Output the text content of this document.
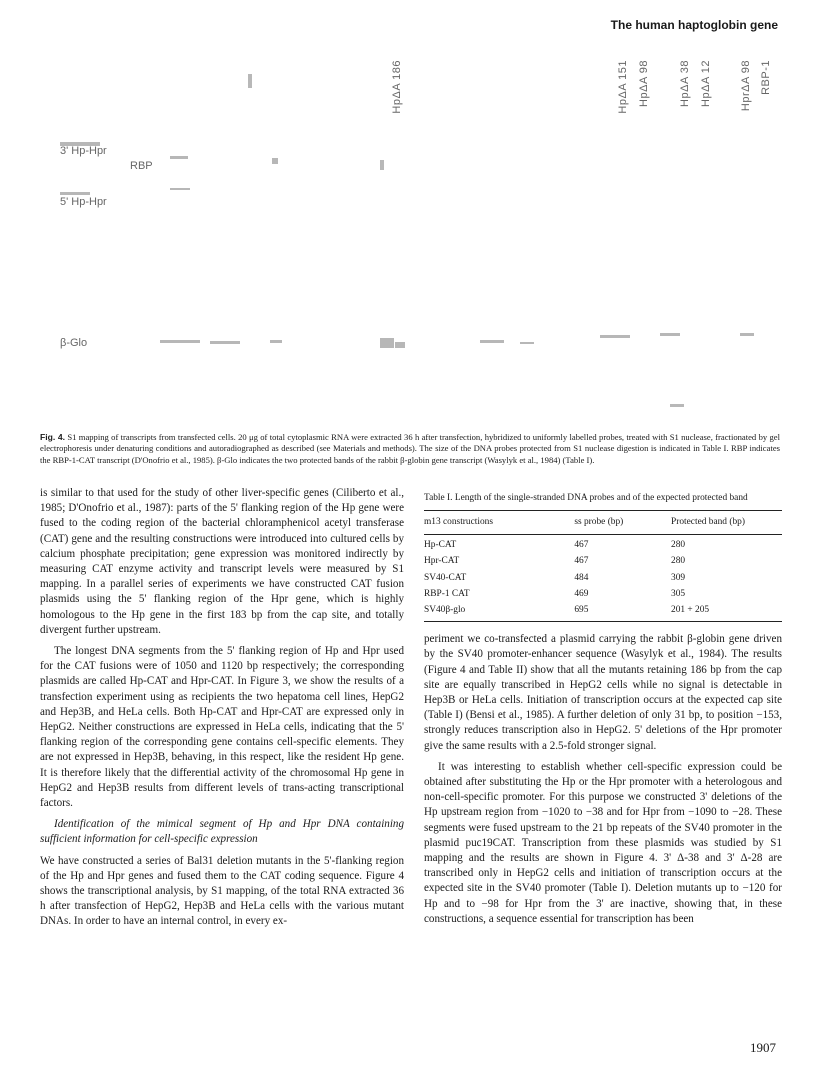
The human haptoglobin gene
HpΔA 186	HpΔA 151 HpΔA 98	HpΔA 38 HpΔA 12	HprΔA 98 RBP-1
3' Hp-Hpr
RBP
5' Hp-Hpr
β-Glo
Fig. 4. S1 mapping of transcripts from transfected cells. 20 μg of total cytoplasmic RNA were extracted 36 h after transfection, hybridized to uniformly labelled probes, treated with S1 nuclease, fractionated by gel electrophoresis under denaturing conditions and autoradiographed as described (see Materials and methods). The size of the DNA probes protected from S1 nuclease digestion is indicated in Table I. RBP indicates the RBP-1-CAT transcript (D'Onofrio et al., 1985). β-Glo indicates the two protected bands of the rabbit β-globin gene transcript (Wasylyk et al., 1984) (Table I).

is similar to that used for the study of other liver-specific genes (Ciliberto et al., 1985; D'Onofrio et al., 1987): parts of the 5' flanking region of the Hp gene were fused to the coding region of the bacterial chloramphenicol acetyl transferase (CAT) gene and the resulting constructions were introduced into cultured cells by calcium phosphate precipitation; gene expression was monitored indirectly by measuring CAT enzyme activity and transcript levels were measured by S1 mapping. In a parallel series of experiments we have constructed CAT fusion plasmids using the 5' flanking region of the Hpr gene, which is highly homologous to the Hp gene in the first 183 bp from the cap site, and totally divergent further upstream.

The longest DNA segments from the 5' flanking region of Hp and Hpr used for the CAT fusions were of 1050 and 1120 bp respectively; the corresponding plasmids are called Hp-CAT and Hpr-CAT. In Figure 3, we show the results of a transfection experiment using as recipients the two hepatoma cell lines, HepG2 and Hep3B, and HeLa cells. Both Hp-CAT and Hpr-CAT are expressed only in HepG2. Neither constructions are expressed in HeLa cells, indicating that the 5' flanking region of the corresponding gene contains cell-specific elements. They are not expressed in Hep3B, behaving, in this respect, like the resident Hp gene. It is therefore likely that the differential activity of the chromosomal Hp gene in HepG2 and Hep3B results from different levels of trans-acting transcriptional factors.

Identification of the mimical segment of Hp and Hpr DNA containing sufficient information for cell-specific expression

We have constructed a series of Bal31 deletion mutants in the 5'-flanking region of the Hp and Hpr genes and fused them to the CAT coding sequence. Figure 4 shows the transcriptional analysis, by S1 mapping, of the total RNA extracted 36 h after transfection of HepG2, Hep3B and HeLa cells with the various mutant DNAs. In order to have an internal control, in every ex-

Table I. Length of the single-stranded DNA probes and of the expected protected band
m13 constructions	ss probe (bp)	Protected band (bp)
Hp-CAT	467	280
Hpr-CAT	467	280
SV40-CAT	484	309
RBP-1 CAT	469	305
SV40β-glo	695	201 + 205

periment we co-transfected a plasmid carrying the rabbit β-globin gene driven by the SV40 promoter-enhancer sequence (Wasylyk et al., 1984). The results (Figure 4 and Table II) show that all the mutants retaining 186 bp from the cap site are equally transcribed in HepG2 cells while no signal is detectable in Hep3B or HeLa cells. Initiation of transcription occurs at the expected cap site (Table I) (Bensi et al., 1985). A further deletion of only 31 bp, to position −153, strongly reduces transcription also in HepG2. 5' deletions of the Hpr promoter give the same results with a 2.5-fold stronger signal.

It was interesting to establish whether cell-specific expression could be obtained after substituting the Hp or the Hpr promoter with a heterologous and non-cell-specific promoter. For this purpose we constructed 3' deletions of the Hp upstream region from −1020 to −38 and for Hpr from −1090 to −28. These segments were fused upstream to the 21 bp repeats of the SV40 promoter in the plasmid puc19CAT. Transcription from these plasmids was studied by S1 mapping and the results are shown in Figure 4. 3' Δ-38 and 3' Δ-28 are transcribed only in HepG2 cells and initiation of transcription occurs at the expected site in the SV40 promoter (Table I). Deletion mutants up to −120 for Hp and to −98 for Hpr from the 3' are inactive, showing that, in these constructions, a sequence essential for transcription has been

1907
